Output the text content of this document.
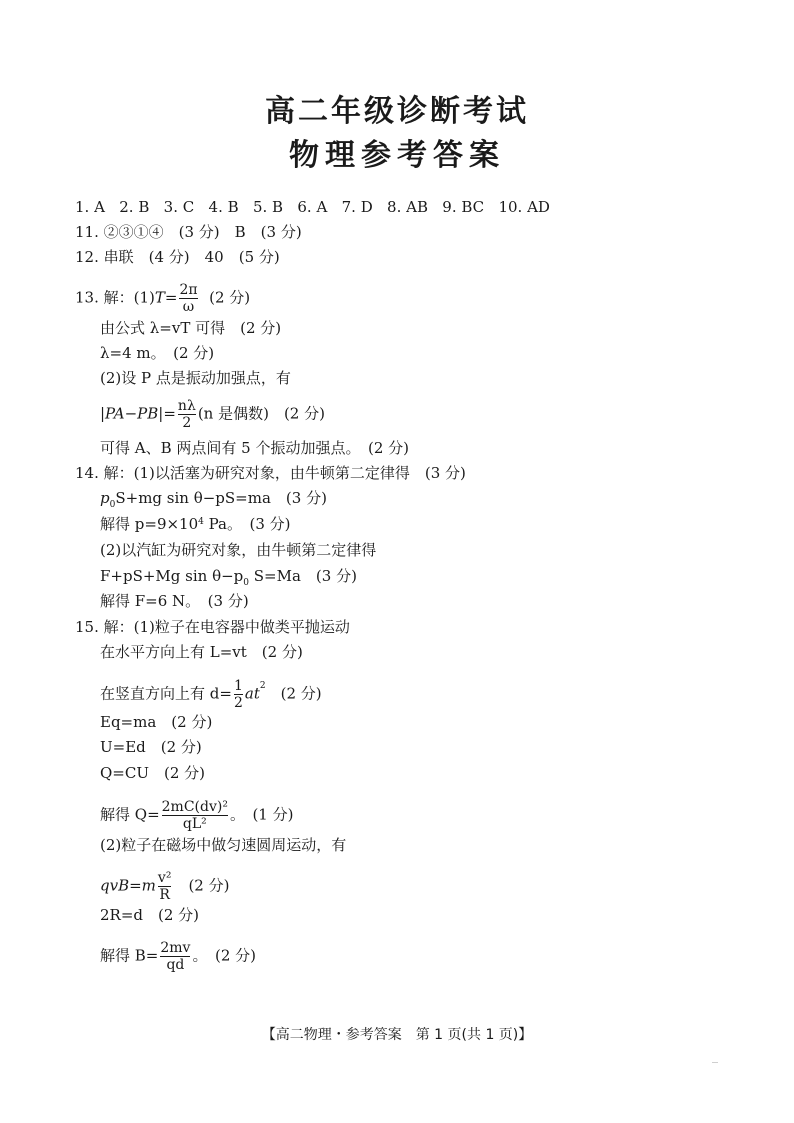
高二年级诊断考试
物理参考答案
1. A 2. B 3. C 4. B 5. B 6. A 7. D 8. AB 9. BC 10. AD
11. ②③①④　(3 分)　B　(3 分)
12. 串联　(4 分)　40　(5 分)
13. 解：$(1)T= \frac{2\pi}{\omega} (2$ 分)
由公式 λ=vT 可得　(2 分)
λ=4 m。　(2 分)
(2)设 P 点是振动加强点，有
$|PA-PB|= \frac{n\lambda}{2} (n$ 是偶数)　(2 分)
可得 A、B 两点间有 5 个振动加强点。　(2 分)
14. 解：(1)以活塞为研究对象，由牛顿第二定律得　(3 分)
$p_0S+mg$ sin θ−pS=ma　(3 分)
解得 $p=9\times 10^4$ Pa。　(3 分)
(2)以汽缸为研究对象，由牛顿第二定律得
F+pS+Mg $\sin \theta-p_0$ S=Ma　(3 分)
解得 F=6 N。　(3 分)
15. 解：(1)粒子在电容器中做类平抛运动
在水平方向上有 L=vt　(2 分)
在竖直方向上有 $d= \frac{1}{2} at^2$　(2 分)
Eq=ma　(2 分)
U=Ed　(2 分)
Q=CU　(2 分)
解得 $Q= \frac{\text{2mC(dv)²}}{\text{qL²}}$ 。　(1 分)
(2)粒子在磁场中做匀速圆周运动，有
$qvB=m \frac{\text{v²}}{R}$ 　(2 分)
2R=d　(2 分)
解得 $B= \frac{2mv}{qd}$ 。　(2 分)
【高二物理・参考答案　第 1 页(共 1 页)】
